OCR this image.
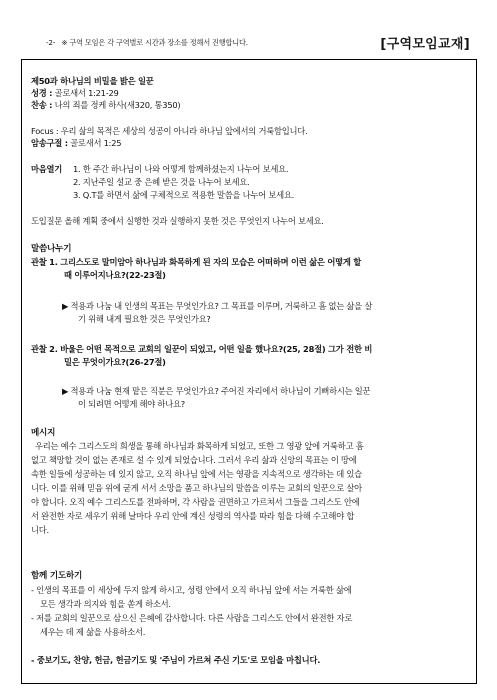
-2- ※ 구역 모임은 각 구역별로 시간과 장소를 정해서 진행합니다.	[구역모임교재]
제50과 하나님의 비밀을 밝은 일꾼
성경 : 골로새서 1:21-29
찬송 : 나의 죄를 정케 하사(새320, 통350)
Focus : 우리 삶의 목적은 세상의 성공이 아니라 하나님 앞에서의 거룩함입니다.
암송구절 : 골로새서 1:25
마음열기 1. 한 주간 하나님이 나와 어떻게 함께하셨는지 나누어 보세요.
2. 지난주일 설교 중 은혜 받은 것을 나누어 보세요.
3. Q.T를 하면서 삶에 구체적으로 적용한 말씀을 나누어 보세요.
도입질문 올해 계획 중에서 실행한 것과 실행하지 못한 것은 무엇인지 나누어 보세요.
말씀나누기
관찰 1. 그리스도로 말미암아 하나님과 화목하게 된 자의 모습은 어떠하며 이런 삶은 어떻게 할
때 이루어지나요?(22-23절)
▶ 적용과 나눔 내 인생의 목표는 무엇인가요? 그 목표를 이루며, 거룩하고 흠 없는 삶을 살
기 위해 내게 필요한 것은 무엇인가요?
관찰 2. 바울은 어떤 목적으로 교회의 일꾼이 되었고, 어떤 일을 했나요?(25, 28절) 그가 전한 비
밀은 무엇이가요?(26-27절)
▶ 적용과 나눔 현재 맡은 직분은 무엇인가요? 주어진 자리에서 하나님이 기뻐하시는 일꾼
이 되려면 어떻게 해야 하나요?
메시지
우리는 예수 그리스도의 희생을 통해 하나님과 화목하게 되었고, 또한 그 영광 앞에 거룩하고 흠
없고 책망할 것이 없는 존재로 설 수 있게 되었습니다. 그러서 우리 삶과 신앙의 목표는 이 땅에
속한 일들에 성공하는 데 있지 않고, 오직 하나님 앞에 서는 영광을 지속적으로 생각하는 데 있습
니다. 이를 위해 믿음 위에 굳게 서서 소망을 품고 하나님의 말씀을 이루는 교회의 일꾼으로 살아
야 합니다. 오직 예수 그리스도를 전파하며, 각 사람을 권면하고 가르쳐서 그들을 그리스도 안에
서 완전한 자로 세우기 위해 날마다 우리 안에 계신 성령의 역사를 따라 힘을 다해 수고해야 합
니다.
함께 기도하기
- 인생의 목표를 이 세상에 두지 않게 하시고, 성령 안에서 오직 하나님 앞에 서는 거룩한 삶에
모든 생각과 의지와 힘을 쏟게 하소서.
- 저를 교회의 일꾼으로 삼으신 은혜에 감사합니다. 다른 사람을 그리스도 안에서 완전한 자로
세우는 데 제 삶을 사용하소서.
- 중보기도, 찬양, 헌금, 헌금기도 및 '주님이 가르쳐 주신 기도'로 모임을 마칩니다.
